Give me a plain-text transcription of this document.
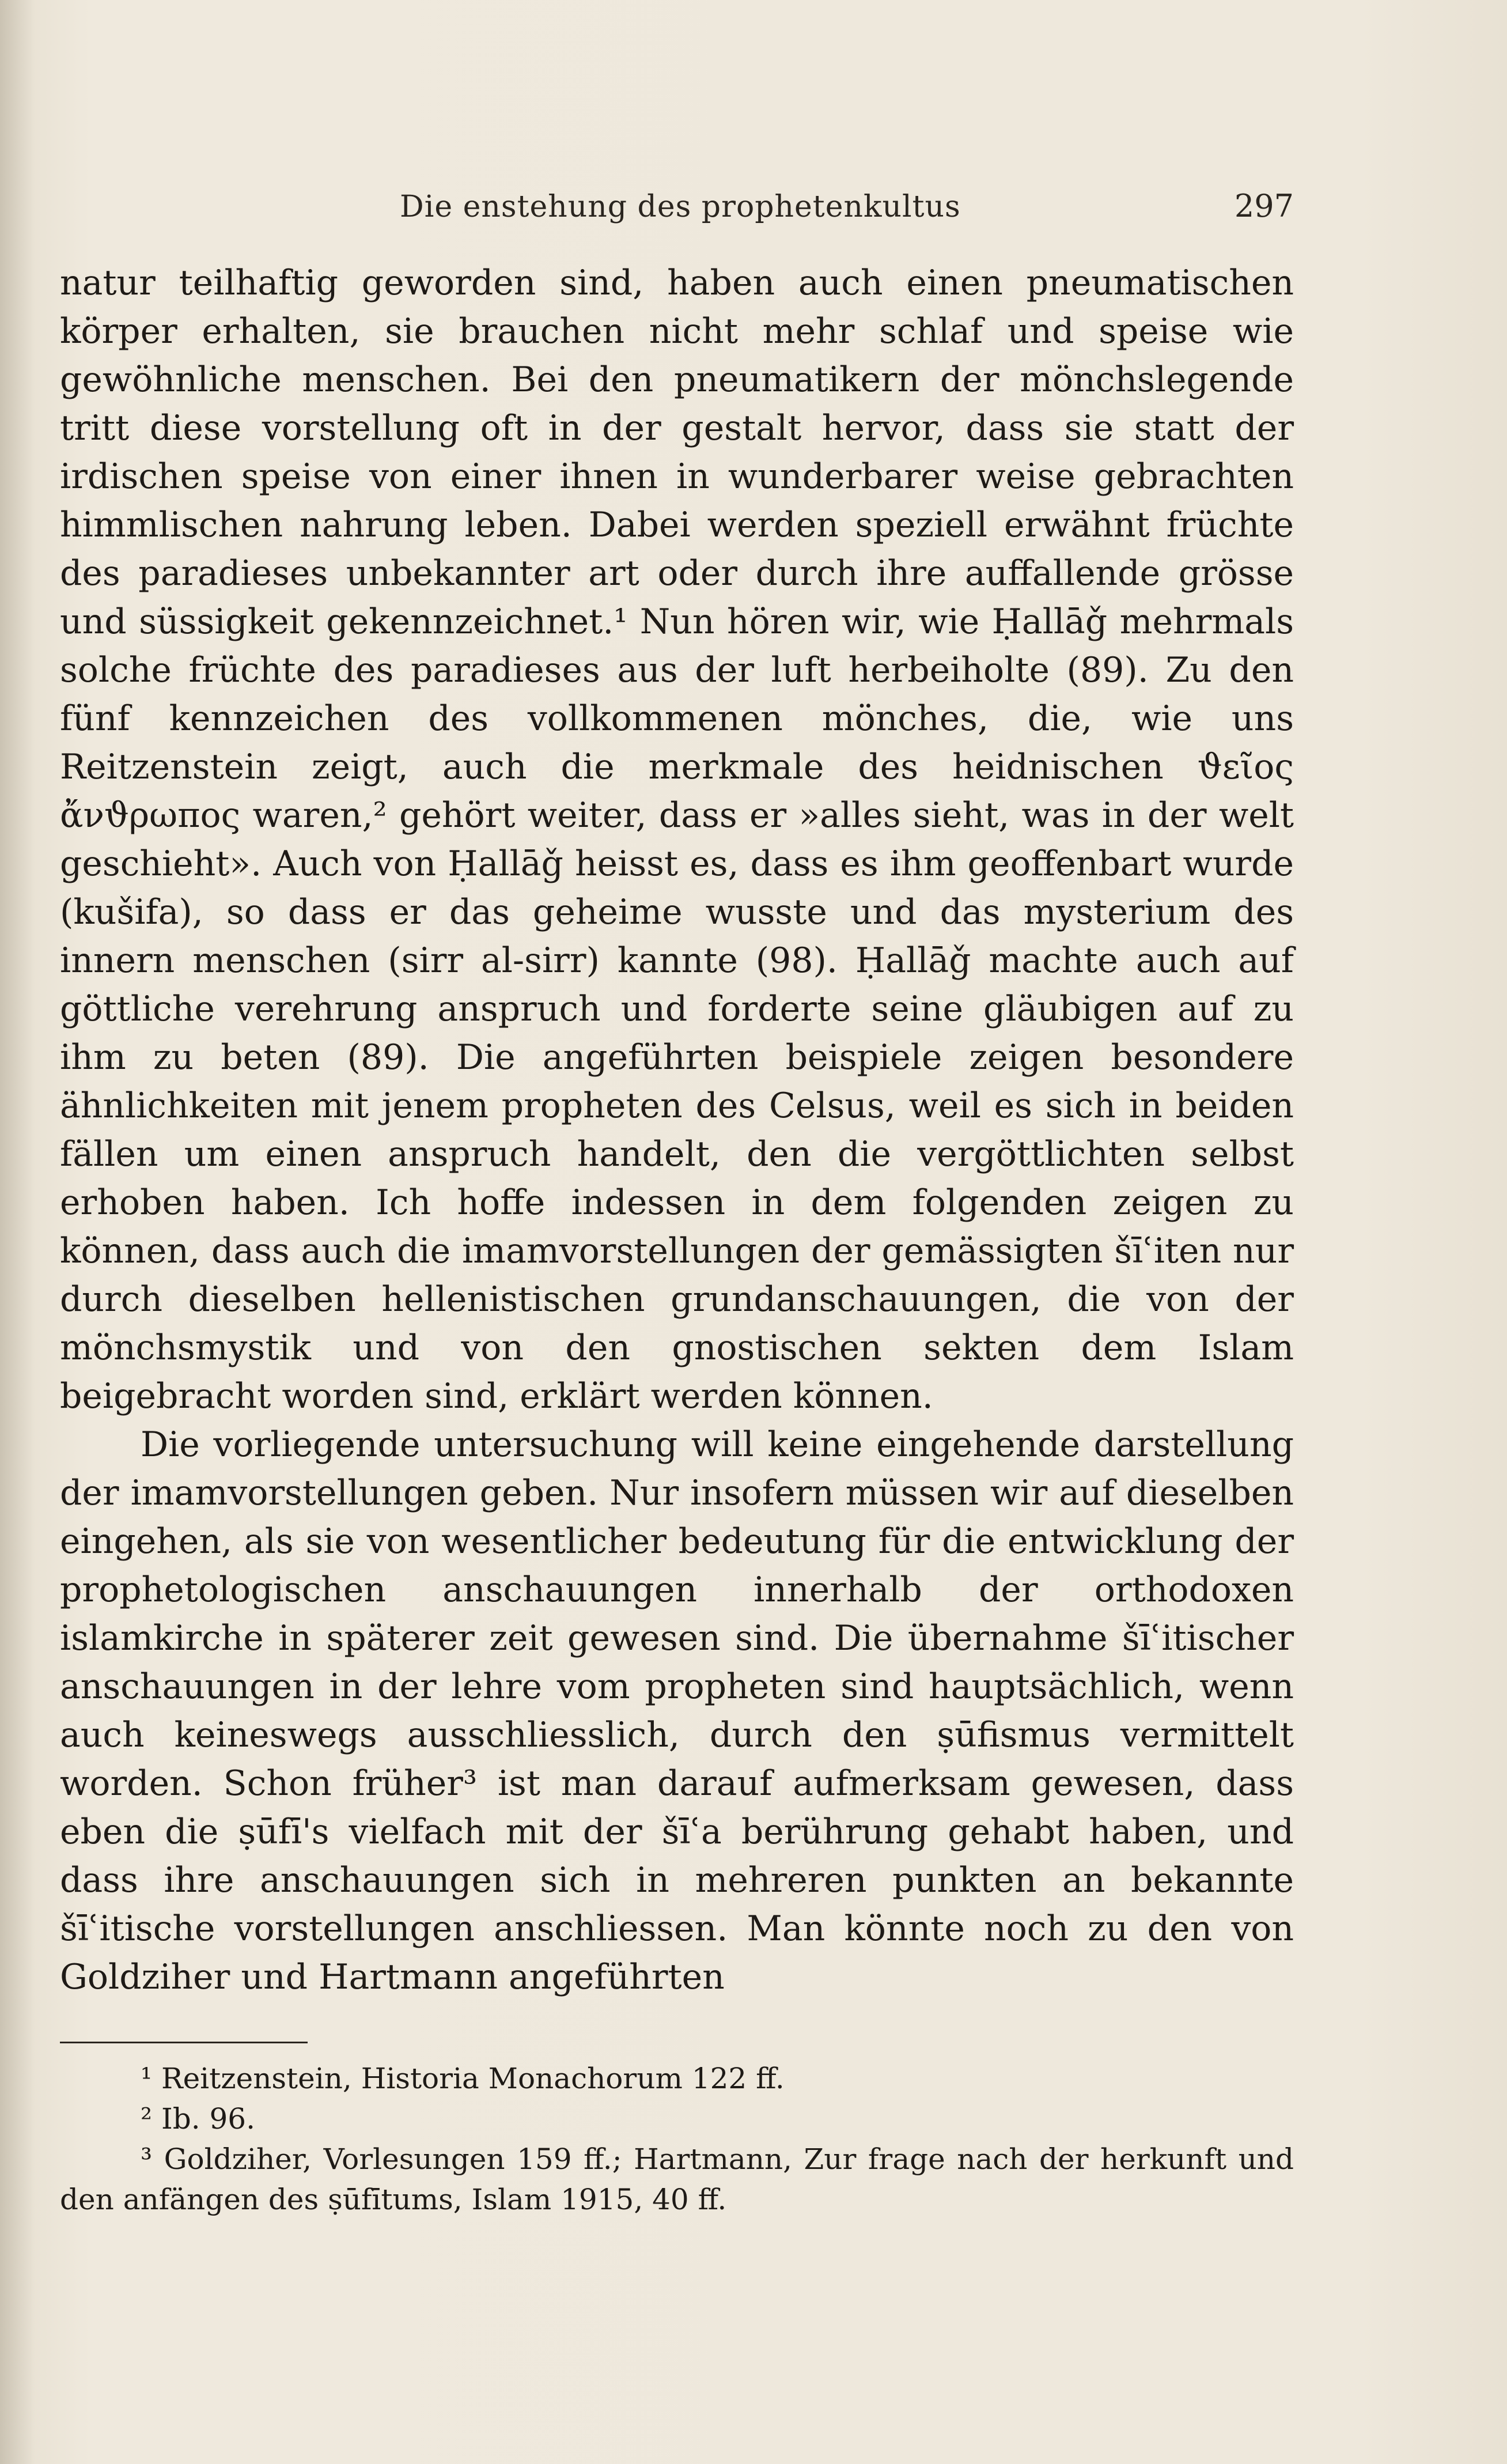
Die enstehung des prophetenkultus	297

natur teilhaftig geworden sind, haben auch einen pneumatischen körper erhalten, sie brauchen nicht mehr schlaf und speise wie gewöhnliche menschen. Bei den pneumatikern der mönchslegende tritt diese vorstellung oft in der gestalt hervor, dass sie statt der irdischen speise von einer ihnen in wunderbarer weise gebrachten himmlischen nahrung leben. Dabei werden speziell erwähnt früchte des paradieses unbekannter art oder durch ihre auffallende grösse und süssigkeit gekennzeichnet.¹ Nun hören wir, wie Ḥallāǧ mehrmals solche früchte des paradieses aus der luft herbeiholte (89). Zu den fünf kennzeichen des vollkommenen mönches, die, wie uns Reitzenstein zeigt, auch die merkmale des heidnischen ϑεῖος ἄνϑρωπος waren,² gehört weiter, dass er »alles sieht, was in der welt geschieht». Auch von Ḥallāǧ heisst es, dass es ihm geoffenbart wurde (kušifa), so dass er das geheime wusste und das mysterium des innern menschen (sirr al-sirr) kannte (98). Ḥallāǧ machte auch auf göttliche verehrung anspruch und forderte seine gläubigen auf zu ihm zu beten (89). Die angeführten beispiele zeigen besondere ähnlichkeiten mit jenem propheten des Celsus, weil es sich in beiden fällen um einen anspruch handelt, den die vergöttlichten selbst erhoben haben. Ich hoffe indessen in dem folgenden zeigen zu können, dass auch die imamvorstellungen der gemässigten šīʿiten nur durch dieselben hellenistischen grundanschauungen, die von der mönchsmystik und von den gnostischen sekten dem Islam beigebracht worden sind, erklärt werden können.

Die vorliegende untersuchung will keine eingehende darstellung der imamvorstellungen geben. Nur insofern müssen wir auf dieselben eingehen, als sie von wesentlicher bedeutung für die entwicklung der prophetologischen anschauungen innerhalb der orthodoxen islamkirche in späterer zeit gewesen sind. Die übernahme šīʿitischer anschauungen in der lehre vom propheten sind hauptsächlich, wenn auch keineswegs ausschliesslich, durch den ṣūfismus vermittelt worden. Schon früher³ ist man darauf aufmerksam gewesen, dass eben die ṣūfī's vielfach mit der šīʿa berührung gehabt haben, und dass ihre anschauungen sich in mehreren punkten an bekannte šīʿitische vorstellungen anschliessen. Man könnte noch zu den von Goldziher und Hartmann angeführten

¹ Reitzenstein, Historia Monachorum 122 ff.

² Ib. 96.

³ Goldziher, Vorlesungen 159 ff.; Hartmann, Zur frage nach der herkunft und den anfängen des ṣūfītums, Islam 1915, 40 ff.
